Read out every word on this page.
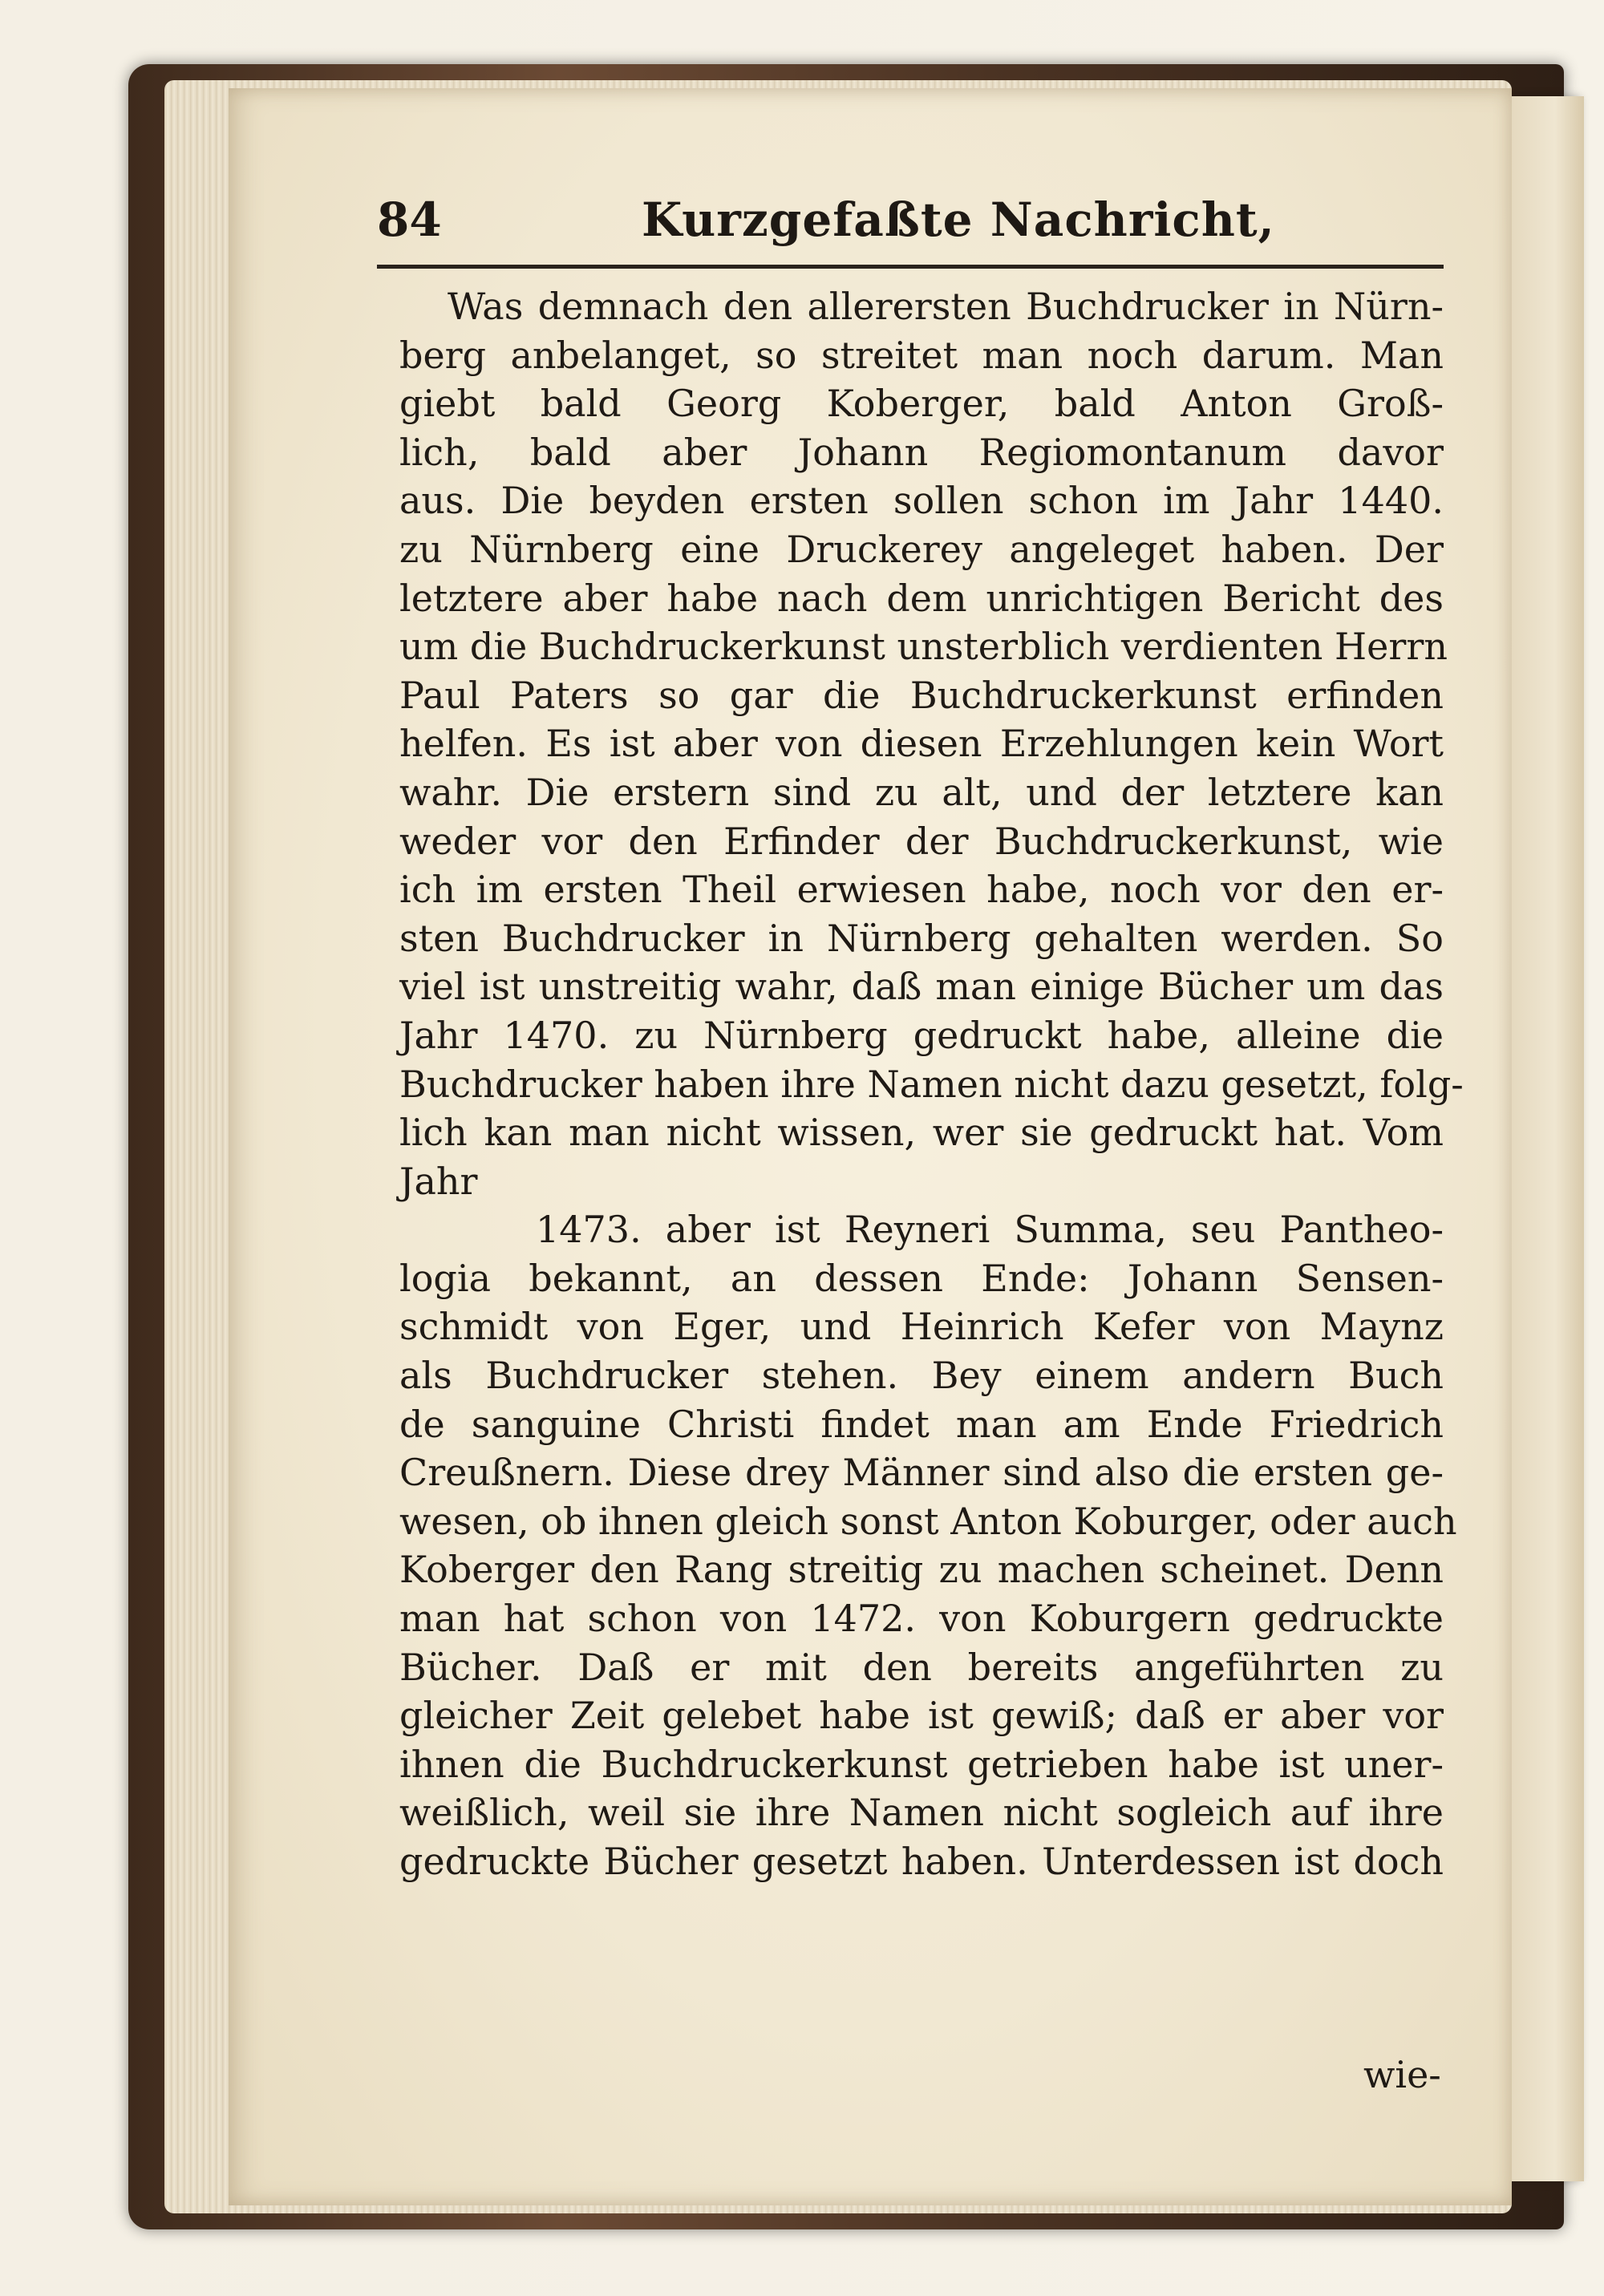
84	Kurzgefaßte Nachricht,
Was demnach den allerersten Buchdrucker in Nürn-
berg anbelanget, so streitet man noch darum. Man
giebt bald Georg Koberger, bald Anton Groß-
lich, bald aber Johann Regiomontanum davor
aus. Die beyden ersten sollen schon im Jahr 1440.
zu Nürnberg eine Druckerey angeleget haben. Der
letztere aber habe nach dem unrichtigen Bericht des
um die Buchdruckerkunst unsterblich verdienten Herrn
Paul Paters so gar die Buchdruckerkunst erfinden
helfen. Es ist aber von diesen Erzehlungen kein Wort
wahr. Die erstern sind zu alt, und der letztere kan
weder vor den Erfinder der Buchdruckerkunst, wie
ich im ersten Theil erwiesen habe, noch vor den er-
sten Buchdrucker in Nürnberg gehalten werden. So
viel ist unstreitig wahr, daß man einige Bücher um das
Jahr 1470. zu Nürnberg gedruckt habe, alleine die
Buchdrucker haben ihre Namen nicht dazu gesetzt, folg-
lich kan man nicht wissen, wer sie gedruckt hat. Vom
Jahr
1473. aber ist Reyneri Summa, seu Pantheo-
logia bekannt, an dessen Ende: Johann Sensen-
schmidt von Eger, und Heinrich Kefer von Maynz
als Buchdrucker stehen. Bey einem andern Buch
de sanguine Christi findet man am Ende Friedrich
Creußnern. Diese drey Männer sind also die ersten ge-
wesen, ob ihnen gleich sonst Anton Koburger, oder auch
Koberger den Rang streitig zu machen scheinet. Denn
man hat schon von 1472. von Koburgern gedruckte
Bücher. Daß er mit den bereits angeführten zu
gleicher Zeit gelebet habe ist gewiß; daß er aber vor
ihnen die Buchdruckerkunst getrieben habe ist uner-
weißlich, weil sie ihre Namen nicht sogleich auf ihre
gedruckte Bücher gesetzt haben. Unterdessen ist doch
wie-
